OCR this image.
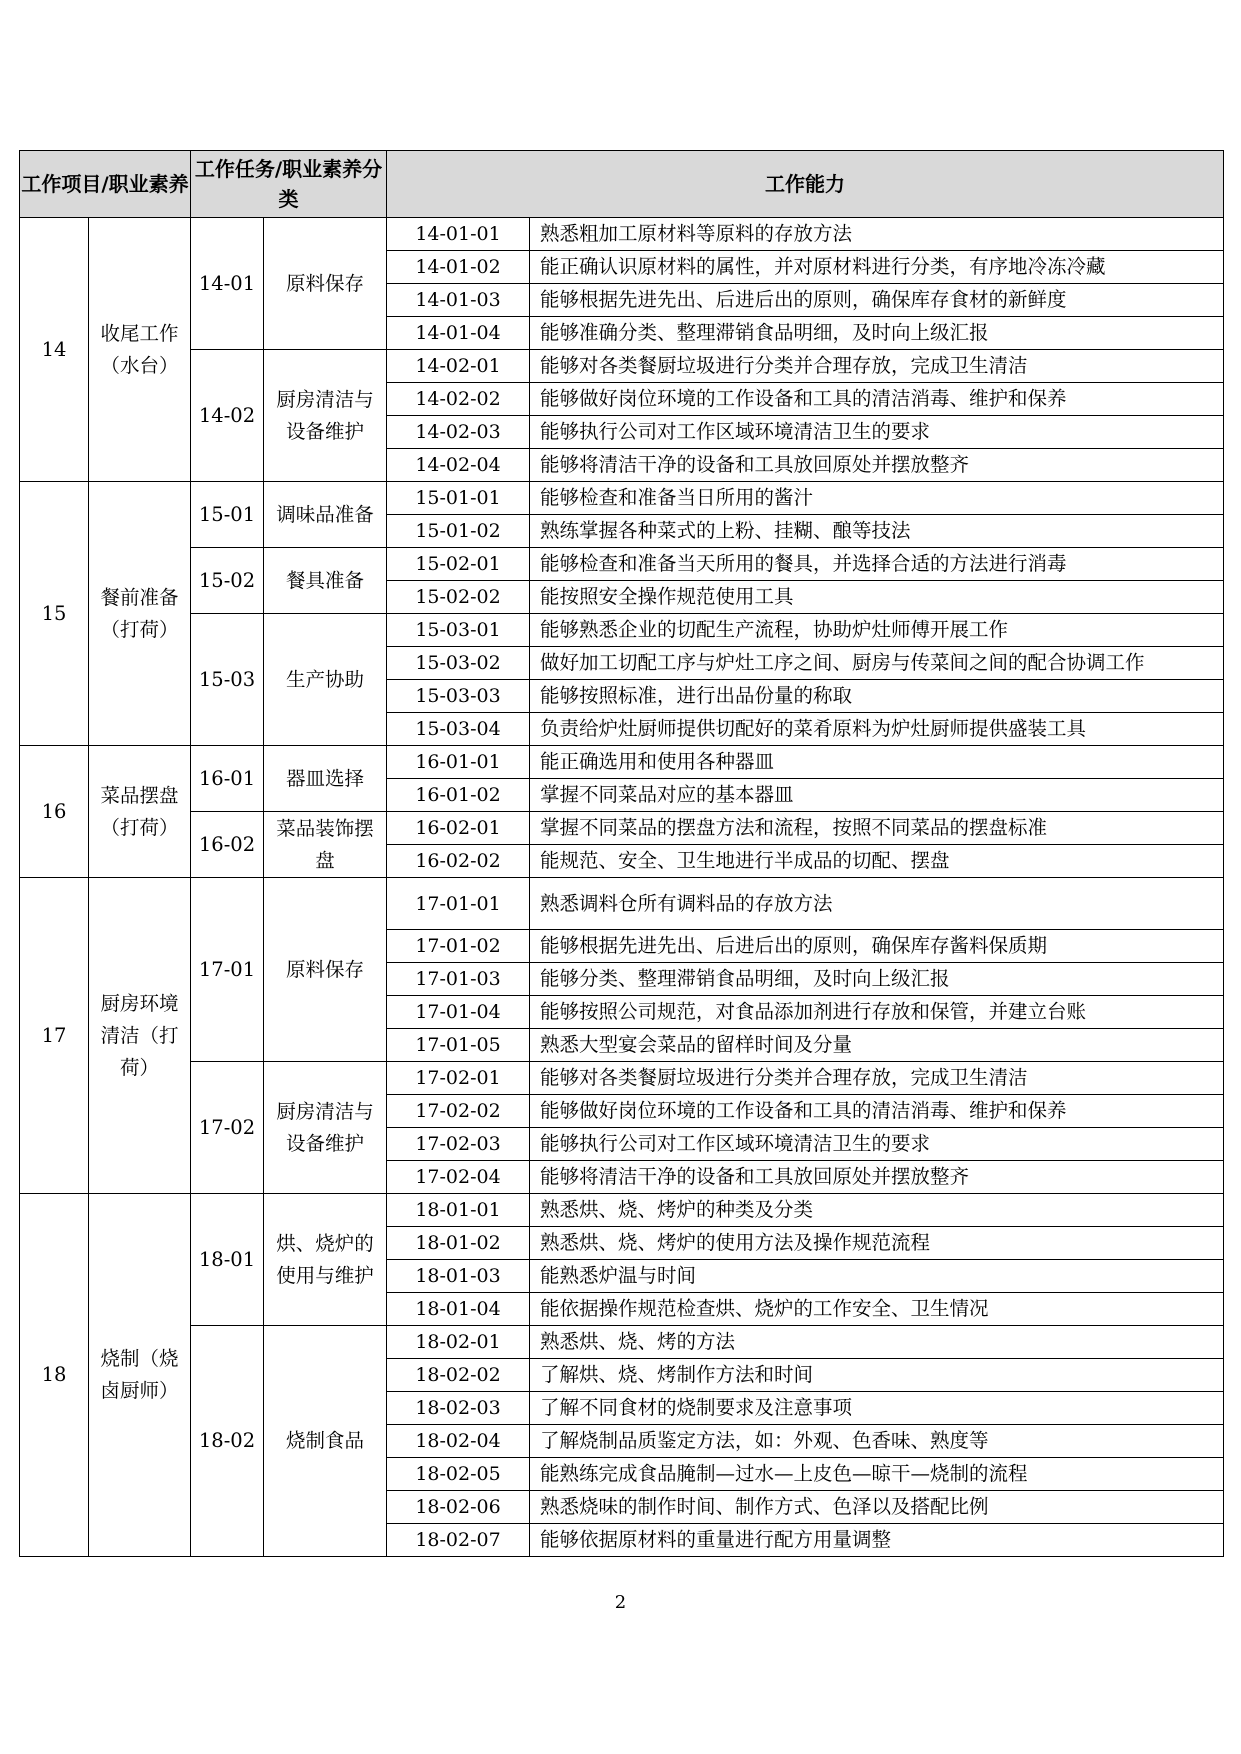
工作项目/职业素养		工作任务/职业素养分类		工作能力	
14	收尾工作（水台）	14-01	原料保存	14-01-01	熟悉粗加工原材料等原料的存放方法
				14-01-02	能正确认识原材料的属性，并对原材料进行分类，有序地冷冻冷藏
				14-01-03	能够根据先进先出、后进后出的原则，确保库存食材的新鲜度
				14-01-04	能够准确分类、整理滞销食品明细，及时向上级汇报
		14-02	厨房清洁与设备维护	14-02-01	能够对各类餐厨垃圾进行分类并合理存放，完成卫生清洁
				14-02-02	能够做好岗位环境的工作设备和工具的清洁消毒、维护和保养
				14-02-03	能够执行公司对工作区域环境清洁卫生的要求
				14-02-04	能够将清洁干净的设备和工具放回原处并摆放整齐
15	餐前准备（打荷）	15-01	调味品准备	15-01-01	能够检查和准备当日所用的酱汁
				15-01-02	熟练掌握各种菜式的上粉、挂糊、酿等技法
		15-02	餐具准备	15-02-01	能够检查和准备当天所用的餐具，并选择合适的方法进行消毒
				15-02-02	能按照安全操作规范使用工具
		15-03	生产协助	15-03-01	能够熟悉企业的切配生产流程，协助炉灶师傅开展工作
				15-03-02	做好加工切配工序与炉灶工序之间、厨房与传菜间之间的配合协调工作
				15-03-03	能够按照标准，进行出品份量的称取
				15-03-04	负责给炉灶厨师提供切配好的菜肴原料为炉灶厨师提供盛装工具
16	菜品摆盘（打荷）	16-01	器皿选择	16-01-01	能正确选用和使用各种器皿
				16-01-02	掌握不同菜品对应的基本器皿
		16-02	菜品装饰摆盘	16-02-01	掌握不同菜品的摆盘方法和流程，按照不同菜品的摆盘标准
				16-02-02	能规范、安全、卫生地进行半成品的切配、摆盘
17	厨房环境清洁（打荷）	17-01	原料保存	17-01-01	熟悉调料仓所有调料品的存放方法
				17-01-02	能够根据先进先出、后进后出的原则，确保库存酱料保质期
				17-01-03	能够分类、整理滞销食品明细，及时向上级汇报
				17-01-04	能够按照公司规范，对食品添加剂进行存放和保管，并建立台账
				17-01-05	熟悉大型宴会菜品的留样时间及分量
		17-02	厨房清洁与设备维护	17-02-01	能够对各类餐厨垃圾进行分类并合理存放，完成卫生清洁
				17-02-02	能够做好岗位环境的工作设备和工具的清洁消毒、维护和保养
				17-02-03	能够执行公司对工作区域环境清洁卫生的要求
				17-02-04	能够将清洁干净的设备和工具放回原处并摆放整齐
18	烧制（烧卤厨师）	18-01	烘、烧炉的使用与维护	18-01-01	熟悉烘、烧、烤炉的种类及分类
				18-01-02	熟悉烘、烧、烤炉的使用方法及操作规范流程
				18-01-03	能熟悉炉温与时间
				18-01-04	能依据操作规范检查烘、烧炉的工作安全、卫生情况
		18-02	烧制食品	18-02-01	熟悉烘、烧、烤的方法
				18-02-02	了解烘、烧、烤制作方法和时间
				18-02-03	了解不同食材的烧制要求及注意事项
				18-02-04	了解烧制品质鉴定方法，如：外观、色香味、熟度等
				18-02-05	能熟练完成食品腌制—过水—上皮色—晾干—烧制的流程
				18-02-06	熟悉烧味的制作时间、制作方式、色泽以及搭配比例
				18-02-07	能够依据原材料的重量进行配方用量调整
2
